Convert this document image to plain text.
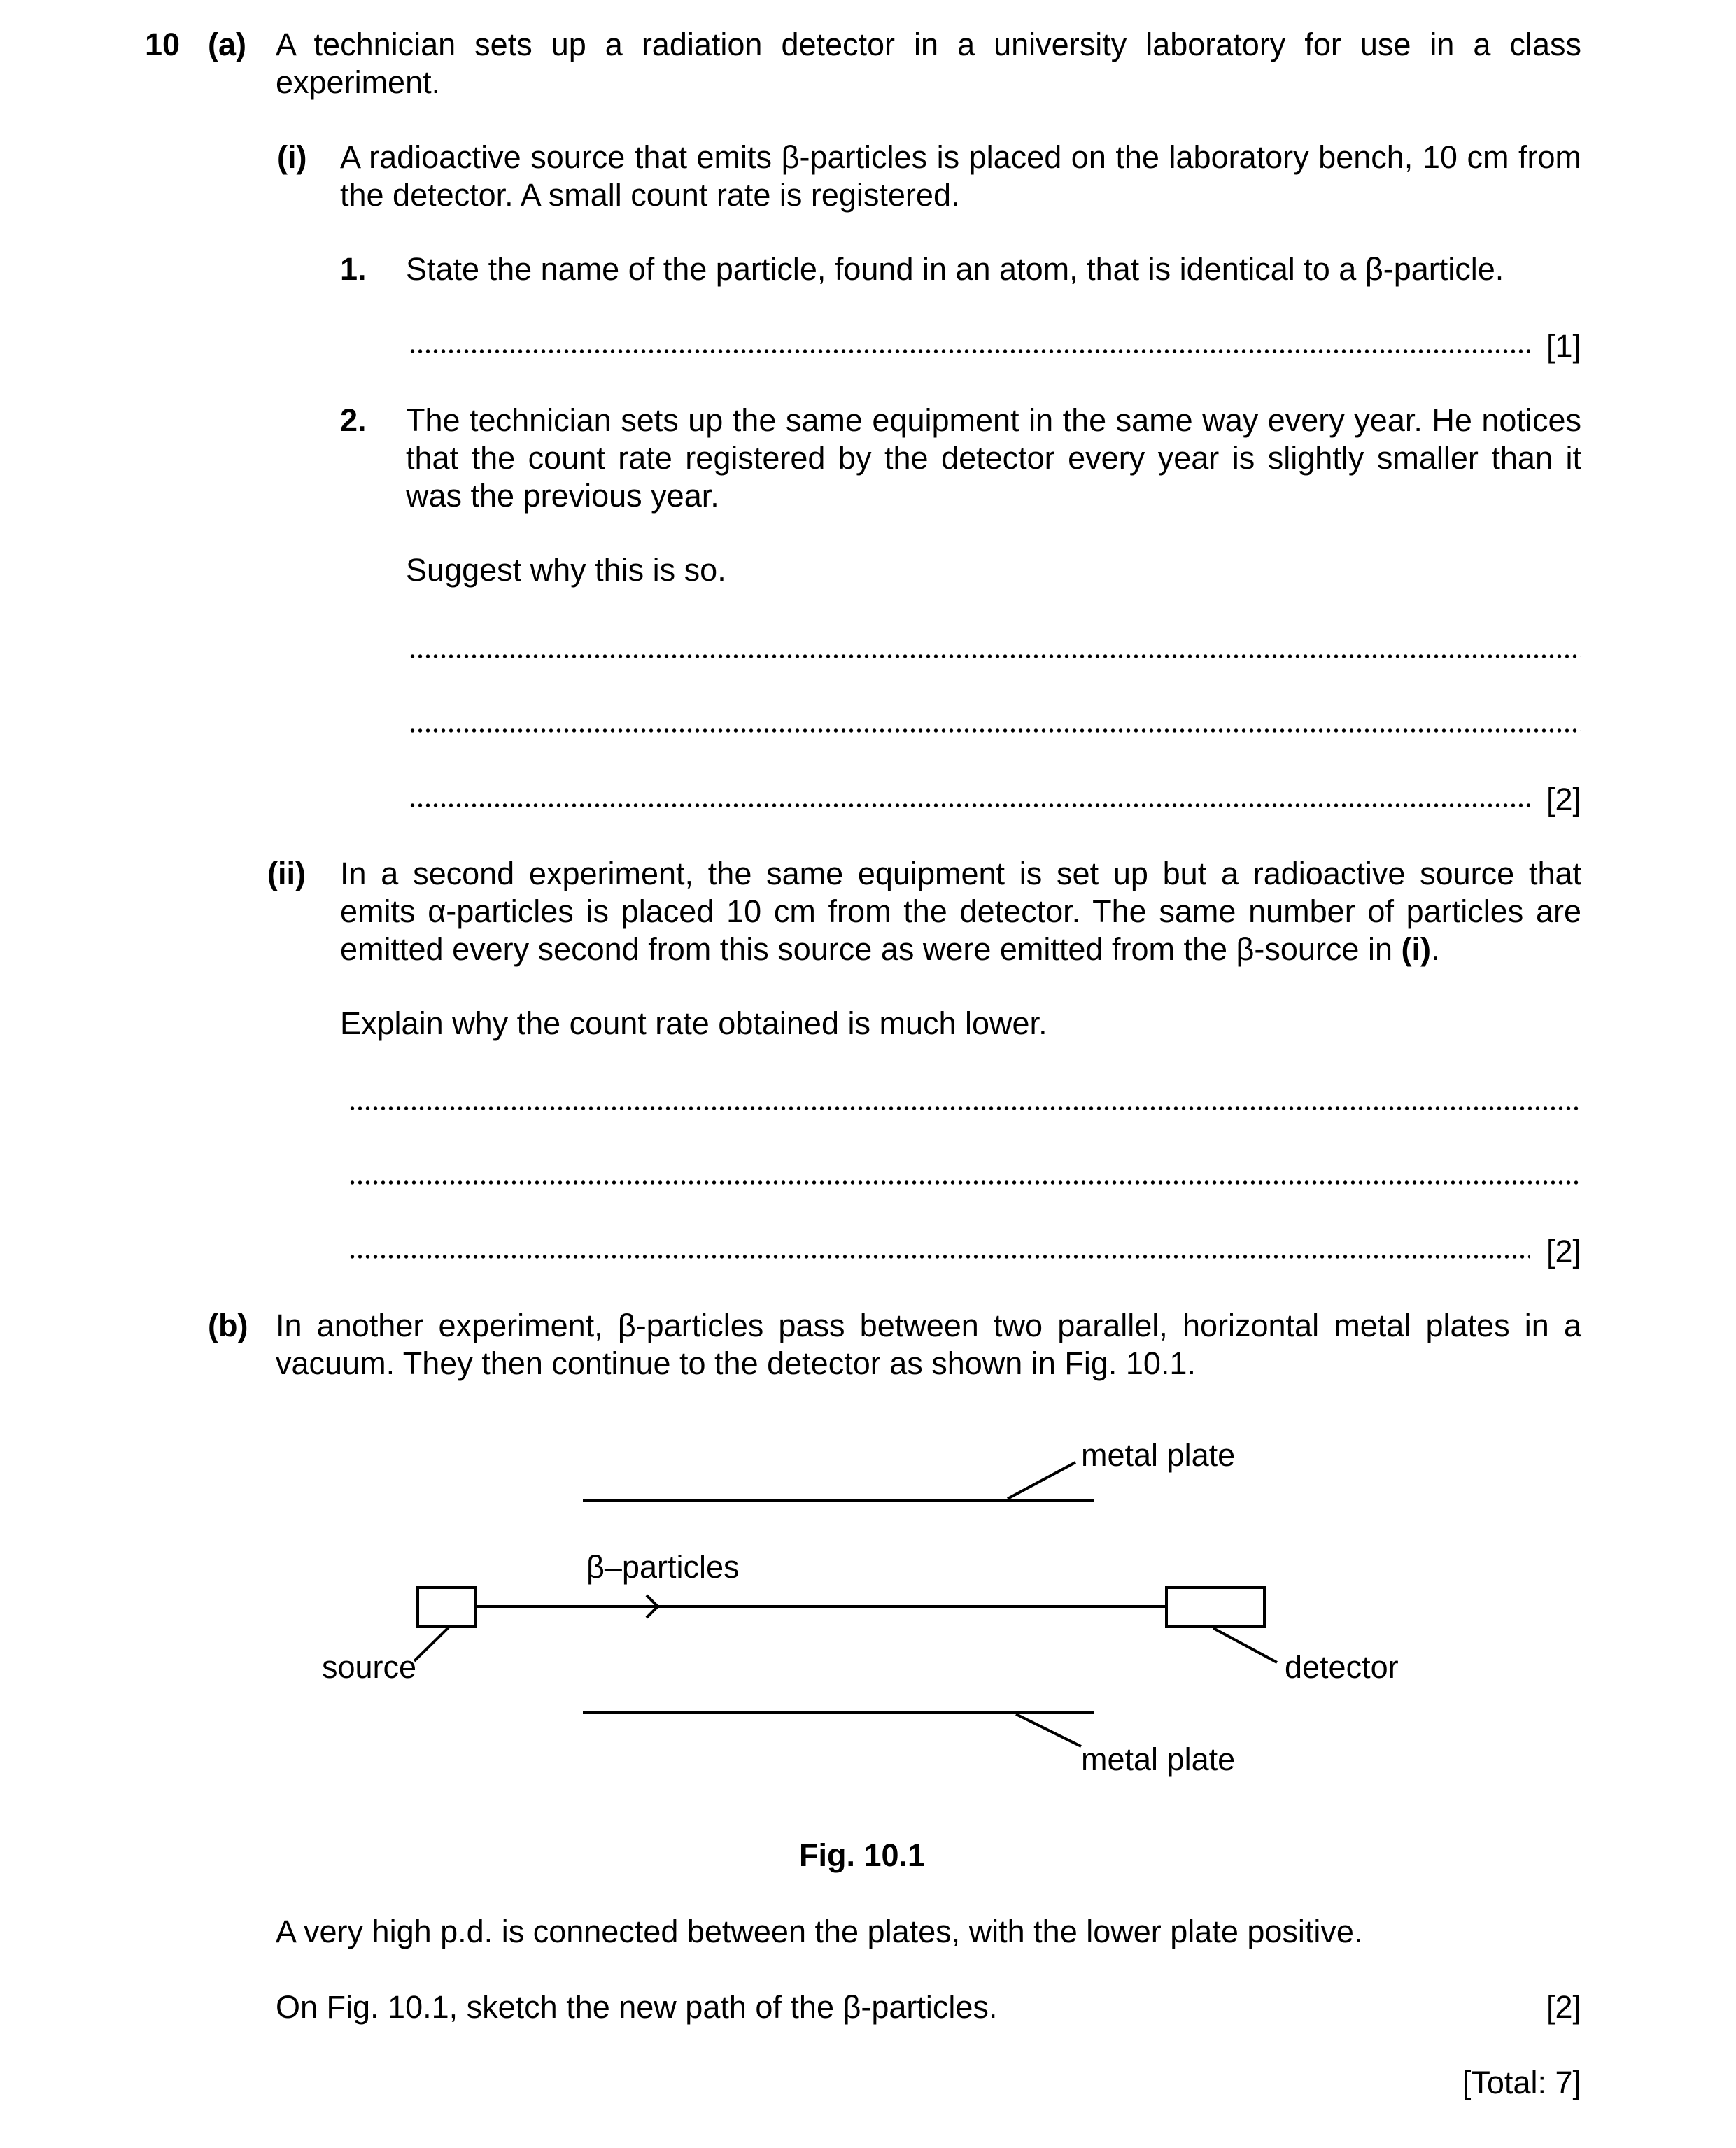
10 (a) A technician sets up a radiation detector in a university laboratory for use in a class experiment.
(i) A radioactive source that emits β-particles is placed on the laboratory bench, 10 cm from the detector. A small count rate is registered.
1. State the name of the particle, found in an atom, that is identical to a β-particle.
[1]
2. The technician sets up the same equipment in the same way every year. He notices that the count rate registered by the detector every year is slightly smaller than it was the previous year.
Suggest why this is so.
[2]
(ii) In a second experiment, the same equipment is set up but a radioactive source that emits α-particles is placed 10 cm from the detector. The same number of particles are emitted every second from this source as were emitted from the β-source in (i).
Explain why the count rate obtained is much lower.
[2]
(b) In another experiment, β-particles pass between two parallel, horizontal metal plates in a vacuum. They then continue to the detector as shown in Fig. 10.1.
metal plate
β–particles
source	detector
metal plate
Fig. 10.1
A very high p.d. is connected between the plates, with the lower plate positive.
On Fig. 10.1, sketch the new path of the β-particles.	[2]
[Total: 7]
